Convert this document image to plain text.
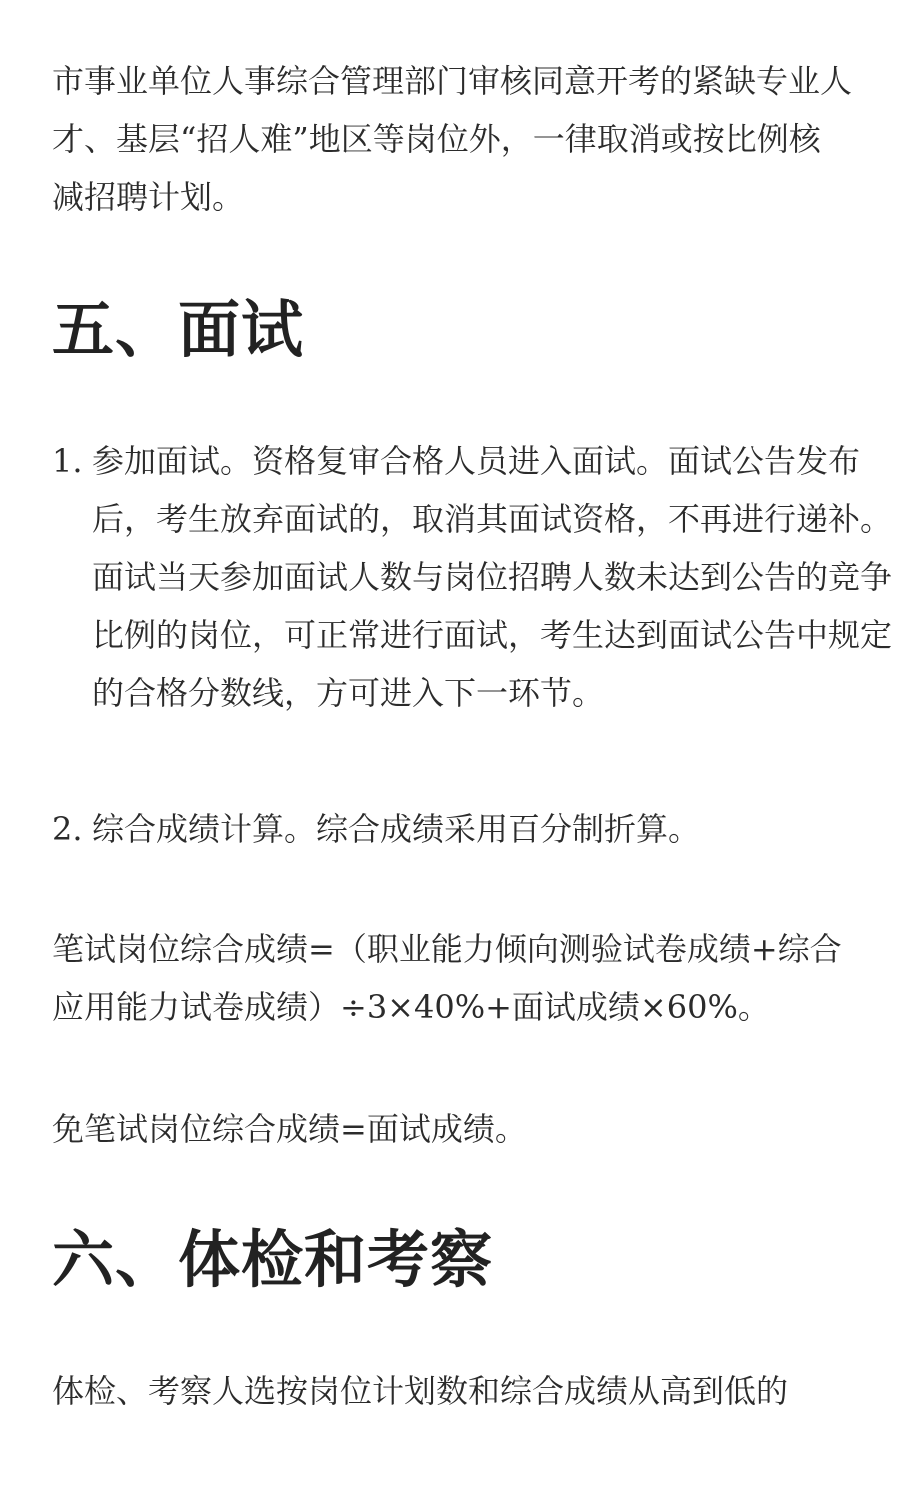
市事业单位人事综合管理部门审核同意开考的紧缺专业人才、基层“招人难”地区等岗位外，一律取消或按比例核减招聘计划。

五、面试
1. 参加面试。资格复审合格人员进入面试。面试公告发布后，考生放弃面试的，取消其面试资格，不再进行递补。面试当天参加面试人数与岗位招聘人数未达到公告的竞争比例的岗位，可正常进行面试，考生达到面试公告中规定的合格分数线，方可进入下一环节。
2. 综合成绩计算。综合成绩采用百分制折算。

笔试岗位综合成绩=（职业能力倾向测验试卷成绩+综合应用能力试卷成绩）÷3×40%+面试成绩×60%。

免笔试岗位综合成绩=面试成绩。

六、体检和考察

体检、考察人选按岗位计划数和综合成绩从高到低的
